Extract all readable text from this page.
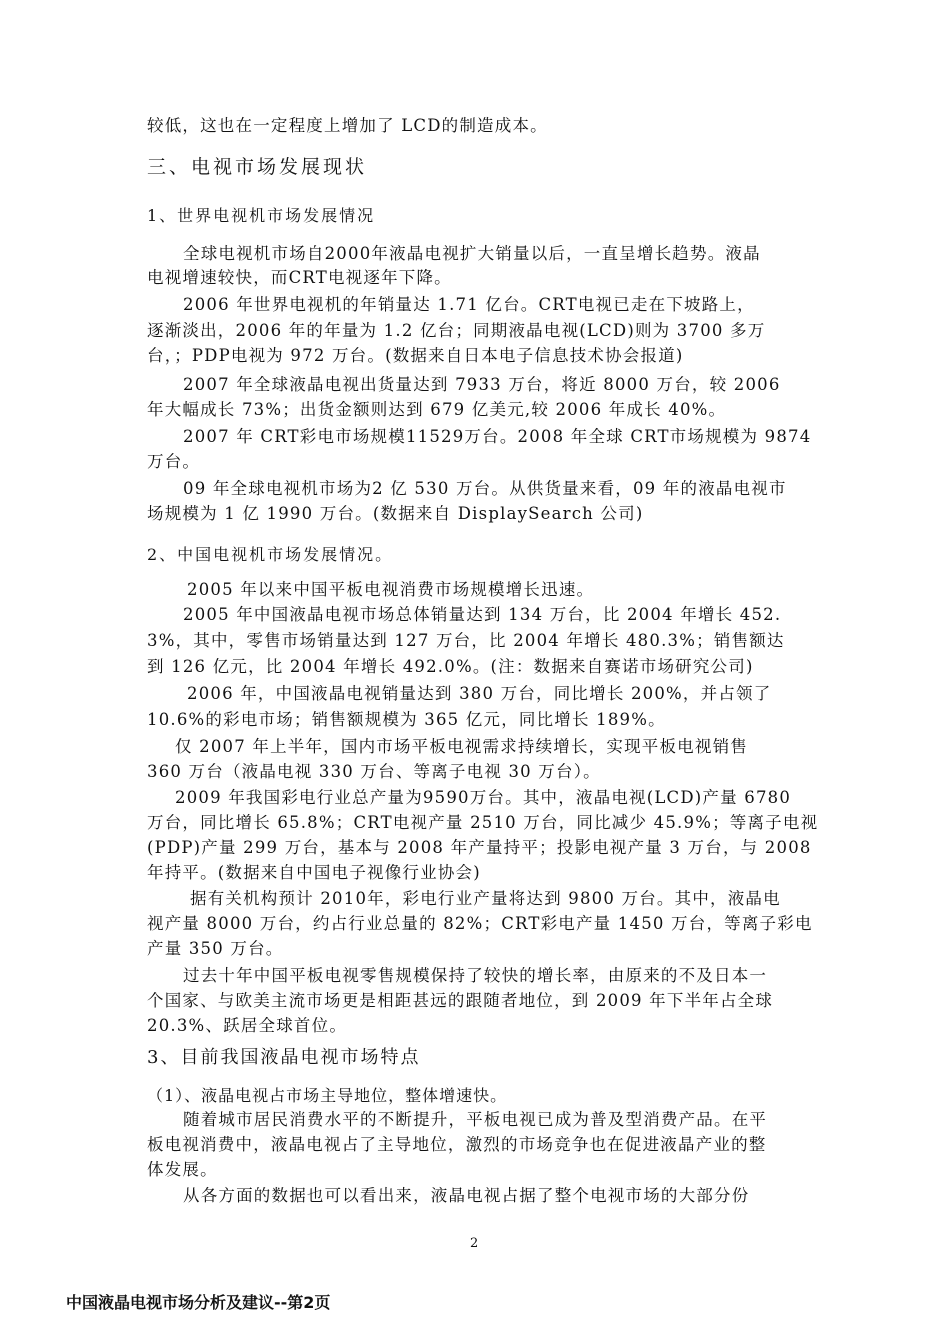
较低，这也在一定程度上增加了 LCD的制造成本。
三、电视市场发展现状
1、世界电视机市场发展情况
全球电视机市场自2000年液晶电视扩大销量以后，一直呈增长趋势。液晶
电视增速较快，而CRT电视逐年下降。
2006 年世界电视机的年销量达 1.71 亿台。CRT电视已走在下坡路上，
逐渐淡出，2006 年的年量为 1.2 亿台；同期液晶电视(LCD)则为 3700 多万
台，；PDP电视为 972 万台。(数据来自日本电子信息技术协会报道)
2007 年全球液晶电视出货量达到 7933 万台，将近 8000 万台，较 2006
年大幅成长 73%；出货金额则达到 679 亿美元,较 2006 年成长 40%。
2007 年 CRT彩电市场规模11529万台。2008 年全球 CRT市场规模为 9874
万台。
09 年全球电视机市场为2 亿 530 万台。从供货量来看，09 年的液晶电视市
场规模为 1 亿 1990 万台。(数据来自 DisplaySearch 公司)
2、中国电视机市场发展情况。
2005 年以来中国平板电视消费市场规模增长迅速。
2005 年中国液晶电视市场总体销量达到 134 万台，比 2004 年增长 452.
3%，其中，零售市场销量达到 127 万台，比 2004 年增长 480.3%；销售额达
到 126 亿元，比 2004 年增长 492.0%。(注：数据来自赛诺市场研究公司)
2006 年，中国液晶电视销量达到 380 万台，同比增长 200%，并占领了
10.6%的彩电市场；销售额规模为 365 亿元，同比增长 189%。
仅 2007 年上半年，国内市场平板电视需求持续增长，实现平板电视销售
360 万台（液晶电视 330 万台、等离子电视 30 万台）。
2009 年我国彩电行业总产量为9590万台。其中，液晶电视(LCD)产量 6780
万台，同比增长 65.8%；CRT电视产量 2510 万台，同比减少 45.9%；等离子电视
(PDP)产量 299 万台，基本与 2008 年产量持平；投影电视产量 3 万台，与 2008
年持平。(数据来自中国电子视像行业协会)
据有关机构预计 2010年，彩电行业产量将达到 9800 万台。其中，液晶电
视产量 8000 万台，约占行业总量的 82%；CRT彩电产量 1450 万台，等离子彩电
产量 350 万台。
过去十年中国平板电视零售规模保持了较快的增长率，由原来的不及日本一
个国家、与欧美主流市场更是相距甚远的跟随者地位，到 2009 年下半年占全球
20.3%、跃居全球首位。
3、目前我国液晶电视市场特点
（1）、液晶电视占市场主导地位，整体增速快。
随着城市居民消费水平的不断提升，平板电视已成为普及型消费产品。在平
板电视消费中，液晶电视占了主导地位，激烈的市场竞争也在促进液晶产业的整
体发展。
从各方面的数据也可以看出来，液晶电视占据了整个电视市场的大部分份
2
中国液晶电视市场分析及建议--第2页
